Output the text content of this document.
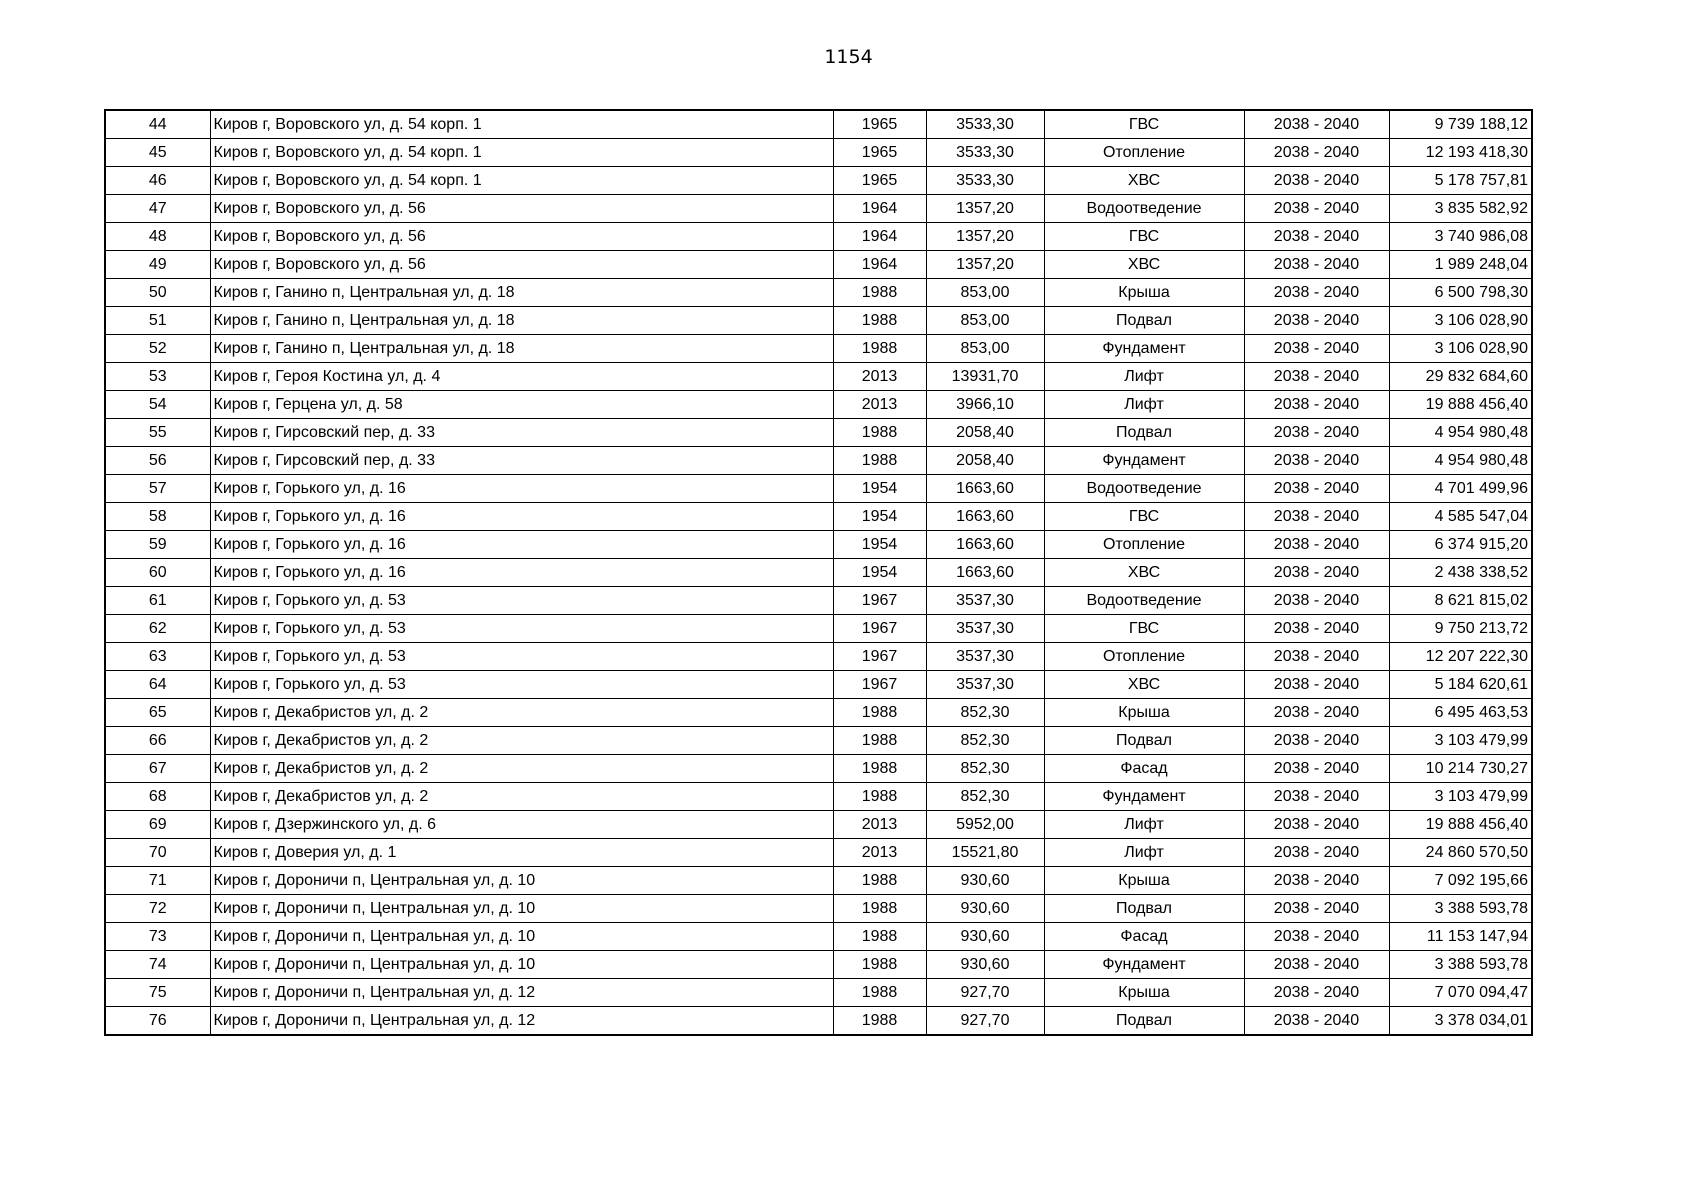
1154
44	Киров г, Воровского ул, д. 54 корп. 1	1965	3533,30	ГВС	2038 - 2040	9 739 188,12
45	Киров г, Воровского ул, д. 54 корп. 1	1965	3533,30	Отопление	2038 - 2040	12 193 418,30
46	Киров г, Воровского ул, д. 54 корп. 1	1965	3533,30	ХВС	2038 - 2040	5 178 757,81
47	Киров г, Воровского ул, д. 56	1964	1357,20	Водоотведение	2038 - 2040	3 835 582,92
48	Киров г, Воровского ул, д. 56	1964	1357,20	ГВС	2038 - 2040	3 740 986,08
49	Киров г, Воровского ул, д. 56	1964	1357,20	ХВС	2038 - 2040	1 989 248,04
50	Киров г, Ганино п, Центральная ул, д. 18	1988	853,00	Крыша	2038 - 2040	6 500 798,30
51	Киров г, Ганино п, Центральная ул, д. 18	1988	853,00	Подвал	2038 - 2040	3 106 028,90
52	Киров г, Ганино п, Центральная ул, д. 18	1988	853,00	Фундамент	2038 - 2040	3 106 028,90
53	Киров г, Героя Костина ул, д. 4	2013	13931,70	Лифт	2038 - 2040	29 832 684,60
54	Киров г, Герцена ул, д. 58	2013	3966,10	Лифт	2038 - 2040	19 888 456,40
55	Киров г, Гирсовский пер, д. 33	1988	2058,40	Подвал	2038 - 2040	4 954 980,48
56	Киров г, Гирсовский пер, д. 33	1988	2058,40	Фундамент	2038 - 2040	4 954 980,48
57	Киров г, Горького ул, д. 16	1954	1663,60	Водоотведение	2038 - 2040	4 701 499,96
58	Киров г, Горького ул, д. 16	1954	1663,60	ГВС	2038 - 2040	4 585 547,04
59	Киров г, Горького ул, д. 16	1954	1663,60	Отопление	2038 - 2040	6 374 915,20
60	Киров г, Горького ул, д. 16	1954	1663,60	ХВС	2038 - 2040	2 438 338,52
61	Киров г, Горького ул, д. 53	1967	3537,30	Водоотведение	2038 - 2040	8 621 815,02
62	Киров г, Горького ул, д. 53	1967	3537,30	ГВС	2038 - 2040	9 750 213,72
63	Киров г, Горького ул, д. 53	1967	3537,30	Отопление	2038 - 2040	12 207 222,30
64	Киров г, Горького ул, д. 53	1967	3537,30	ХВС	2038 - 2040	5 184 620,61
65	Киров г, Декабристов ул, д. 2	1988	852,30	Крыша	2038 - 2040	6 495 463,53
66	Киров г, Декабристов ул, д. 2	1988	852,30	Подвал	2038 - 2040	3 103 479,99
67	Киров г, Декабристов ул, д. 2	1988	852,30	Фасад	2038 - 2040	10 214 730,27
68	Киров г, Декабристов ул, д. 2	1988	852,30	Фундамент	2038 - 2040	3 103 479,99
69	Киров г, Дзержинского ул, д. 6	2013	5952,00	Лифт	2038 - 2040	19 888 456,40
70	Киров г, Доверия ул, д. 1	2013	15521,80	Лифт	2038 - 2040	24 860 570,50
71	Киров г, Дороничи п, Центральная ул, д. 10	1988	930,60	Крыша	2038 - 2040	7 092 195,66
72	Киров г, Дороничи п, Центральная ул, д. 10	1988	930,60	Подвал	2038 - 2040	3 388 593,78
73	Киров г, Дороничи п, Центральная ул, д. 10	1988	930,60	Фасад	2038 - 2040	11 153 147,94
74	Киров г, Дороничи п, Центральная ул, д. 10	1988	930,60	Фундамент	2038 - 2040	3 388 593,78
75	Киров г, Дороничи п, Центральная ул, д. 12	1988	927,70	Крыша	2038 - 2040	7 070 094,47
76	Киров г, Дороничи п, Центральная ул, д. 12	1988	927,70	Подвал	2038 - 2040	3 378 034,01
